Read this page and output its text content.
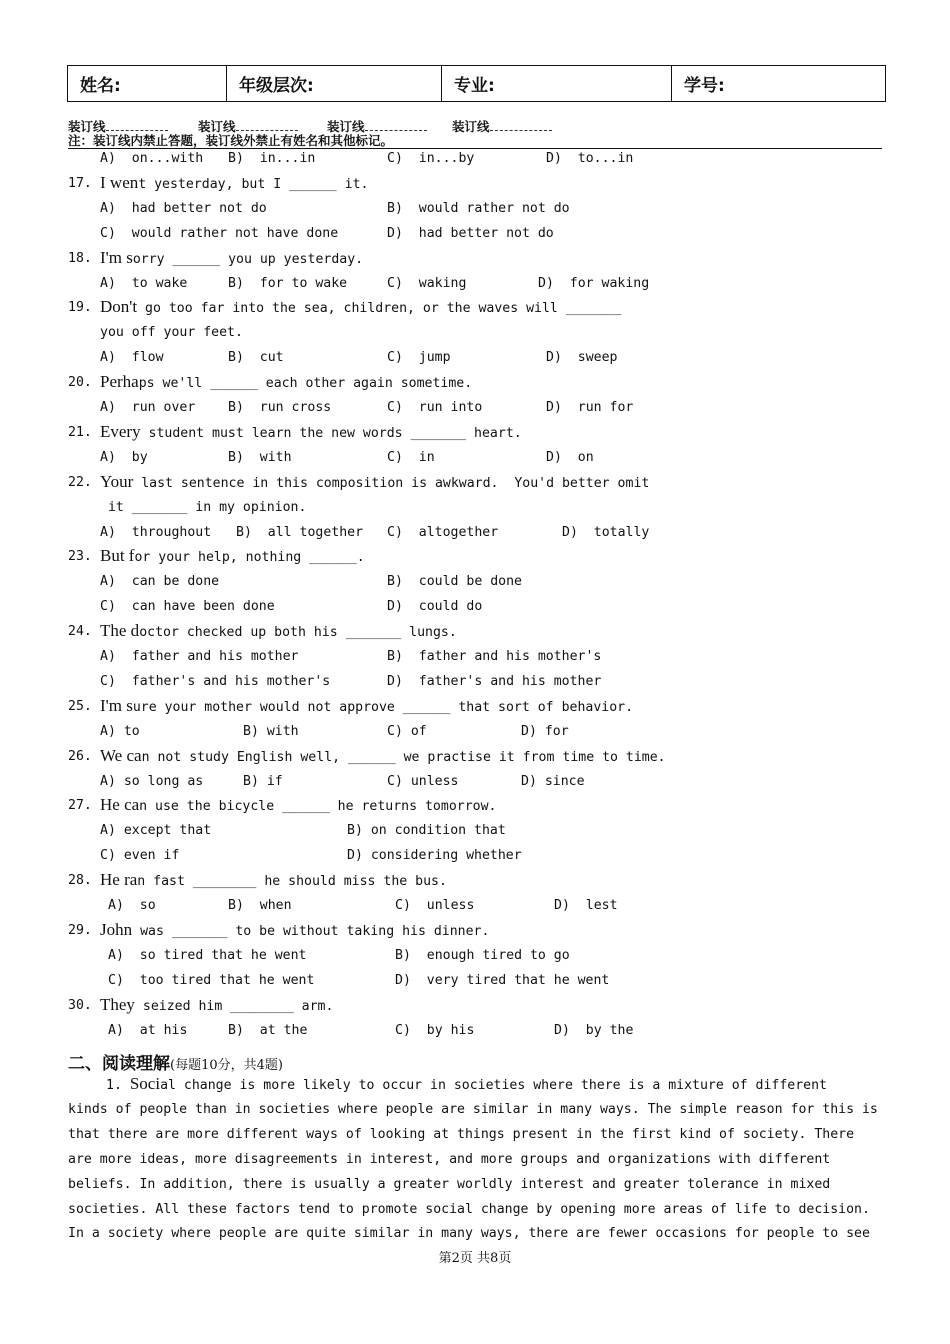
姓名:	年级层次:	专业:	学号:
装订线	装订线	装订线	装订线
注：装订线内禁止答题，装订线外禁止有姓名和其他标记。
A)  on...with B)  in...in	C)  in...by	D)  to...in
17. I went yesterday, but I ______ it.
A)  had better not do	B)  would rather not do
C)  would rather not have done	D)  had better not do
18. I'm sorry ______ you up yesterday.
A)  to wake	B)  for to wake	C)  waking	D)  for waking
19. Don't go too far into the sea, children, or the waves will _______
you off your feet.
A)  flow	B)  cut	C)  jump	D)  sweep
20. Perhaps we'll ______ each other again sometime.
A)  run over B)  run cross	C)  run into	D)  run for
21. Every student must learn the new words _______ heart.
A)  by	B)  with	C)  in	D)  on
22. Your last sentence in this composition is awkward.  You'd better omit
it _______ in my opinion.
A)  throughout B)  all together C)  altogether	D)  totally
23. But for your help, nothing ______.
A)  can be done	B)  could be done
C)  can have been done	D)  could do
24. The doctor checked up both his _______ lungs.
A)  father and his mother	B)  father and his mother's
C)  father's and his mother's	D)  father's and his mother
25. I'm sure your mother would not approve ______ that sort of behavior.
A) to	B) with	C) of	D) for
26. We can not study English well, ______ we practise it from time to time.
A) so long as	B) if	C) unless	D) since
27. He can use the bicycle ______ he returns tomorrow.
A) except that	B) on condition that
C) even if	D) considering whether
28. He ran fast ________ he should miss the bus.
A)  so	B)  when	C)  unless	D)  lest
29. John was _______ to be without taking his dinner.
A)  so tired that he went	B)  enough tired to go
C)  too tired that he went	D)  very tired that he went
30. They seized him ________ arm.
A)  at his	B)  at the	C)  by his	D)  by the
二、阅读理解(每题10分，共4题)
1. Social change is more likely to occur in societies where there is a mixture of different
kinds of people than in societies where people are similar in many ways. The simple reason for this is
that there are more different ways of looking at things present in the first kind of society. There
are more ideas, more disagreements in interest, and more groups and organizations with different
beliefs. In addition, there is usually a greater worldly interest and greater tolerance in mixed
societies. All these factors tend to promote social change by opening more areas of life to decision.
In a society where people are quite similar in many ways, there are fewer occasions for people to see
第2页 共8页
